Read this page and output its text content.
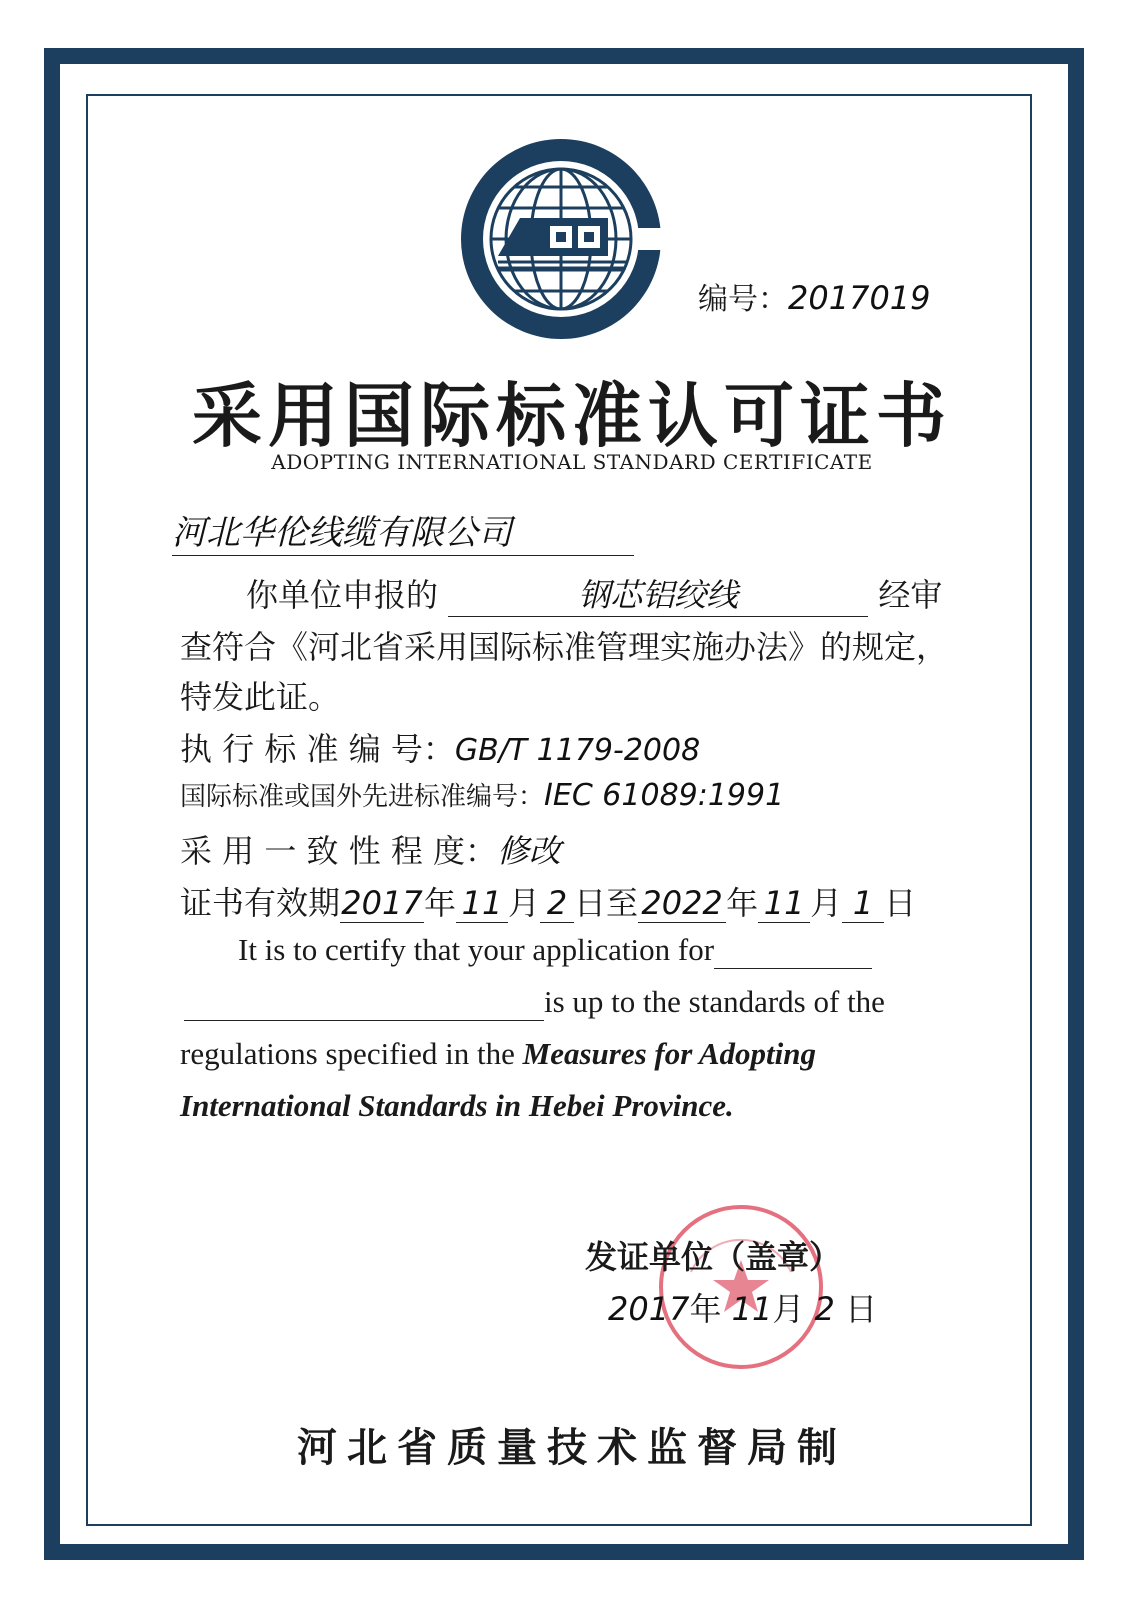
编号：2017019
采用国际标准认可证书
ADOPTING INTERNATIONAL STANDARD CERTIFICATE
河北华伦线缆有限公司
你单位申报的	钢芯铝绞线	经审
查符合《河北省采用国际标准管理实施办法》的规定，
特发此证。
执 行 标 准 编 号：GB/T 1179-2008
国际标准或国外先进标准编号：IEC 61089:1991
采 用 一 致 性 程 度：修改
证书有效期2017年 11 月 2 日至 2022 年 11 月 1 日
It is to certify that your application for
is up to the standards of the
regulations specified in the Measures for Adopting
International Standards in Hebei Province.
发证单位（盖章）
2017年 11月 2 日
河北省质量技术监督局制
